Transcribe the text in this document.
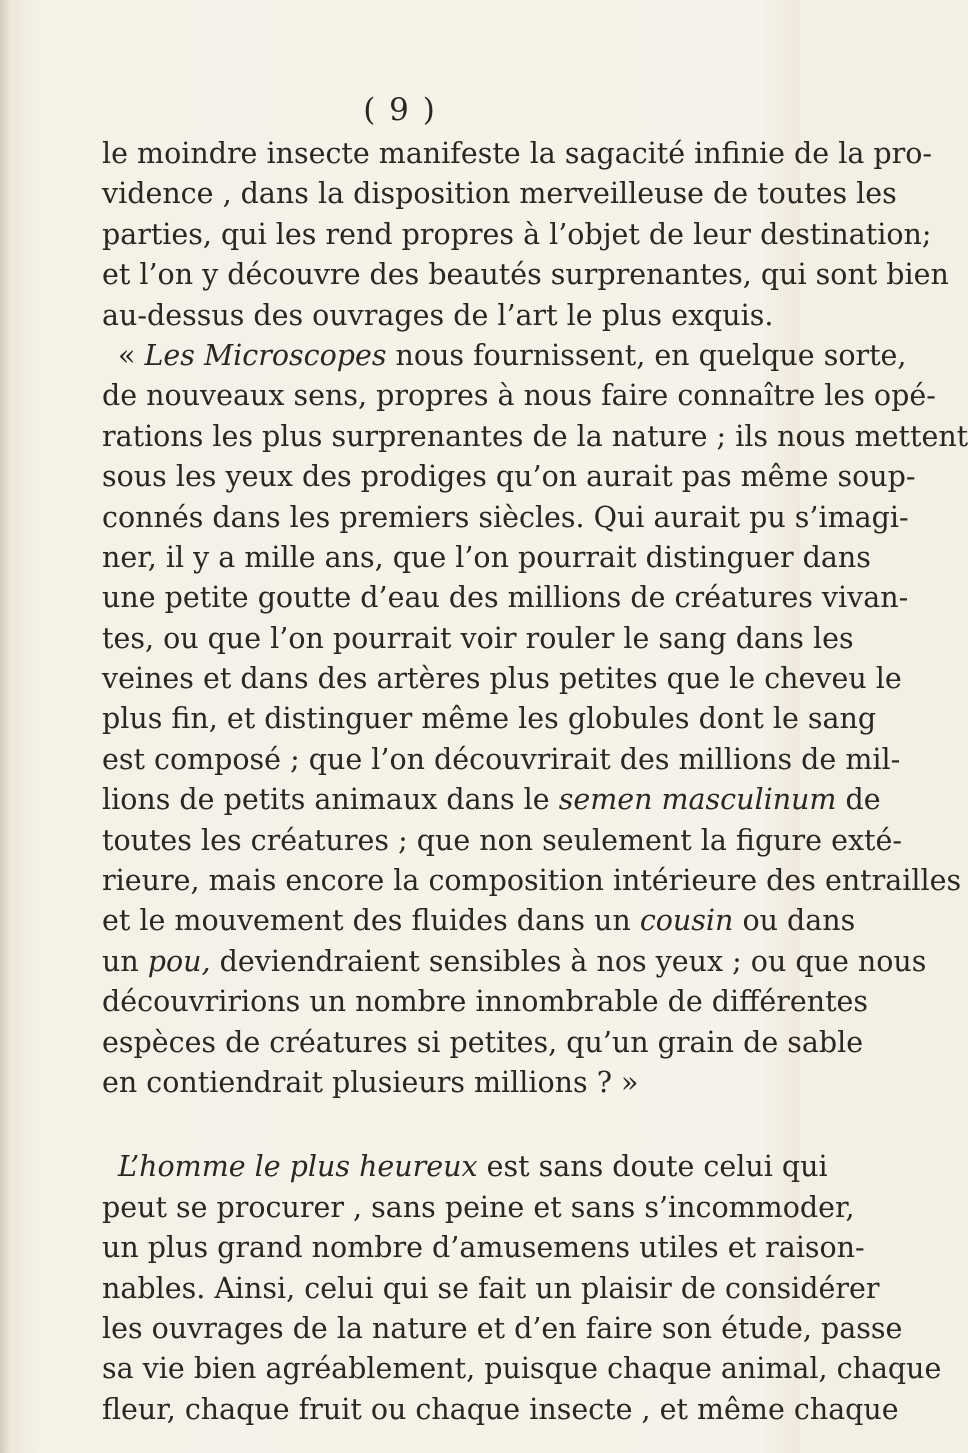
( 9 )
le moindre insecte manifeste la sagacité infinie de la pro-
vidence , dans la disposition merveilleuse de toutes les
parties, qui les rend propres à l’objet de leur destination;
et l’on y découvre des beautés surprenantes, qui sont bien
au-dessus des ouvrages de l’art le plus exquis.
« Les Microscopes nous fournissent, en quelque sorte,
de nouveaux sens, propres à nous faire connaître les opé-
rations les plus surprenantes de la nature ; ils nous mettent
sous les yeux des prodiges qu’on aurait pas même soup-
connés dans les premiers siècles. Qui aurait pu s’imagi-
ner, il y a mille ans, que l’on pourrait distinguer dans
une petite goutte d’eau des millions de créatures vivan-
tes, ou que l’on pourrait voir rouler le sang dans les
veines et dans des artères plus petites que le cheveu le
plus fin, et distinguer même les globules dont le sang
est composé ; que l’on découvrirait des millions de mil-
lions de petits animaux dans le semen masculinum de
toutes les créatures ; que non seulement la figure exté-
rieure, mais encore la composition intérieure des entrailles
et le mouvement des fluides dans un cousin ou dans
un pou, deviendraient sensibles à nos yeux ; ou que nous
découvririons un nombre innombrable de différentes
espèces de créatures si petites, qu’un grain de sable
en contiendrait plusieurs millions ? »
L’homme le plus heureux est sans doute celui qui
peut se procurer , sans peine et sans s’incommoder,
un plus grand nombre d’amusemens utiles et raison-
nables. Ainsi, celui qui se fait un plaisir de considérer
les ouvrages de la nature et d’en faire son étude, passe
sa vie bien agréablement, puisque chaque animal, chaque
fleur, chaque fruit ou chaque insecte , et même chaque
